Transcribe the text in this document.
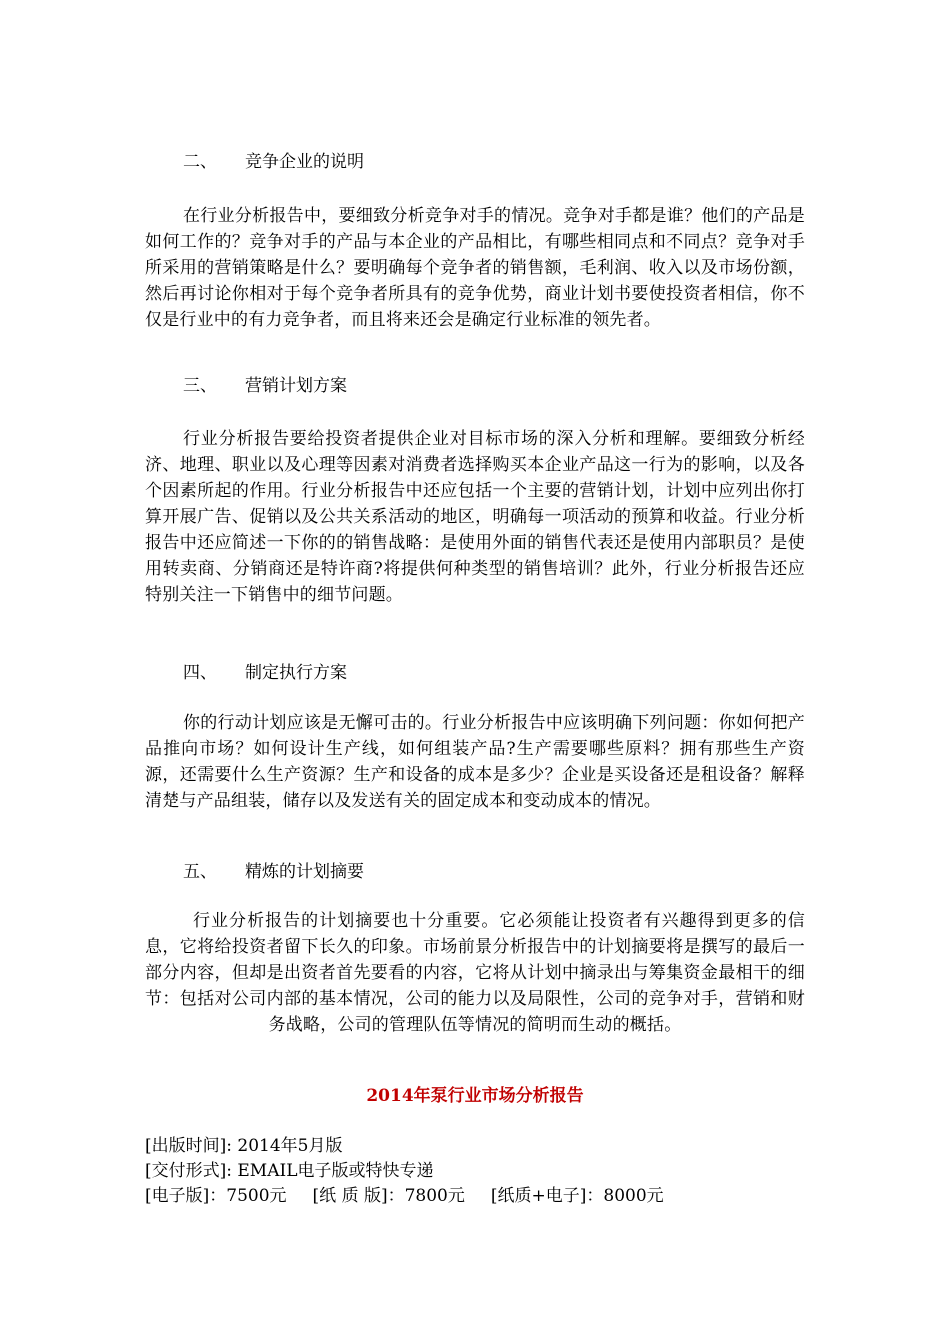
二、 竞争企业的说明
在行业分析报告中，要细致分析竞争对手的情况。竞争对手都是谁？他们的产品是如何工作的？竞争对手的产品与本企业的产品相比，有哪些相同点和不同点？竞争对手所采用的营销策略是什么？要明确每个竞争者的销售额，毛利润、收入以及市场份额，然后再讨论你相对于每个竞争者所具有的竞争优势，商业计划书要使投资者相信，你不仅是行业中的有力竞争者，而且将来还会是确定行业标准的领先者。
三、 营销计划方案
行业分析报告要给投资者提供企业对目标市场的深入分析和理解。要细致分析经济、地理、职业以及心理等因素对消费者选择购买本企业产品这一行为的影响，以及各个因素所起的作用。行业分析报告中还应包括一个主要的营销计划，计划中应列出你打算开展广告、促销以及公共关系活动的地区，明确每一项活动的预算和收益。行业分析报告中还应简述一下你的的销售战略：是使用外面的销售代表还是使用内部职员？是使用转卖商、分销商还是特许商?将提供何种类型的销售培训？此外，行业分析报告还应特别关注一下销售中的细节问题。
四、 制定执行方案
你的行动计划应该是无懈可击的。行业分析报告中应该明确下列问题：你如何把产品推向市场？如何设计生产线，如何组装产品?生产需要哪些原料？拥有那些生产资源，还需要什么生产资源？生产和设备的成本是多少？企业是买设备还是租设备？解释清楚与产品组装，储存以及发送有关的固定成本和变动成本的情况。
五、 精炼的计划摘要
行业分析报告的计划摘要也十分重要。它必须能让投资者有兴趣得到更多的信息，它将给投资者留下长久的印象。市场前景分析报告中的计划摘要将是撰写的最后一部分内容，但却是出资者首先要看的内容，它将从计划中摘录出与筹集资金最相干的细节：包括对公司内部的基本情况，公司的能力以及局限性，公司的竞争对手，营销和财务战略，公司的管理队伍等情况的简明而生动的概括。
2014年泵行业市场分析报告
[出版时间]: 2014年5月版
[交付形式]: EMAIL电子版或特快专递
[电子版]：7500元 [纸 质 版]：7800元 [纸质+电子]：8000元
